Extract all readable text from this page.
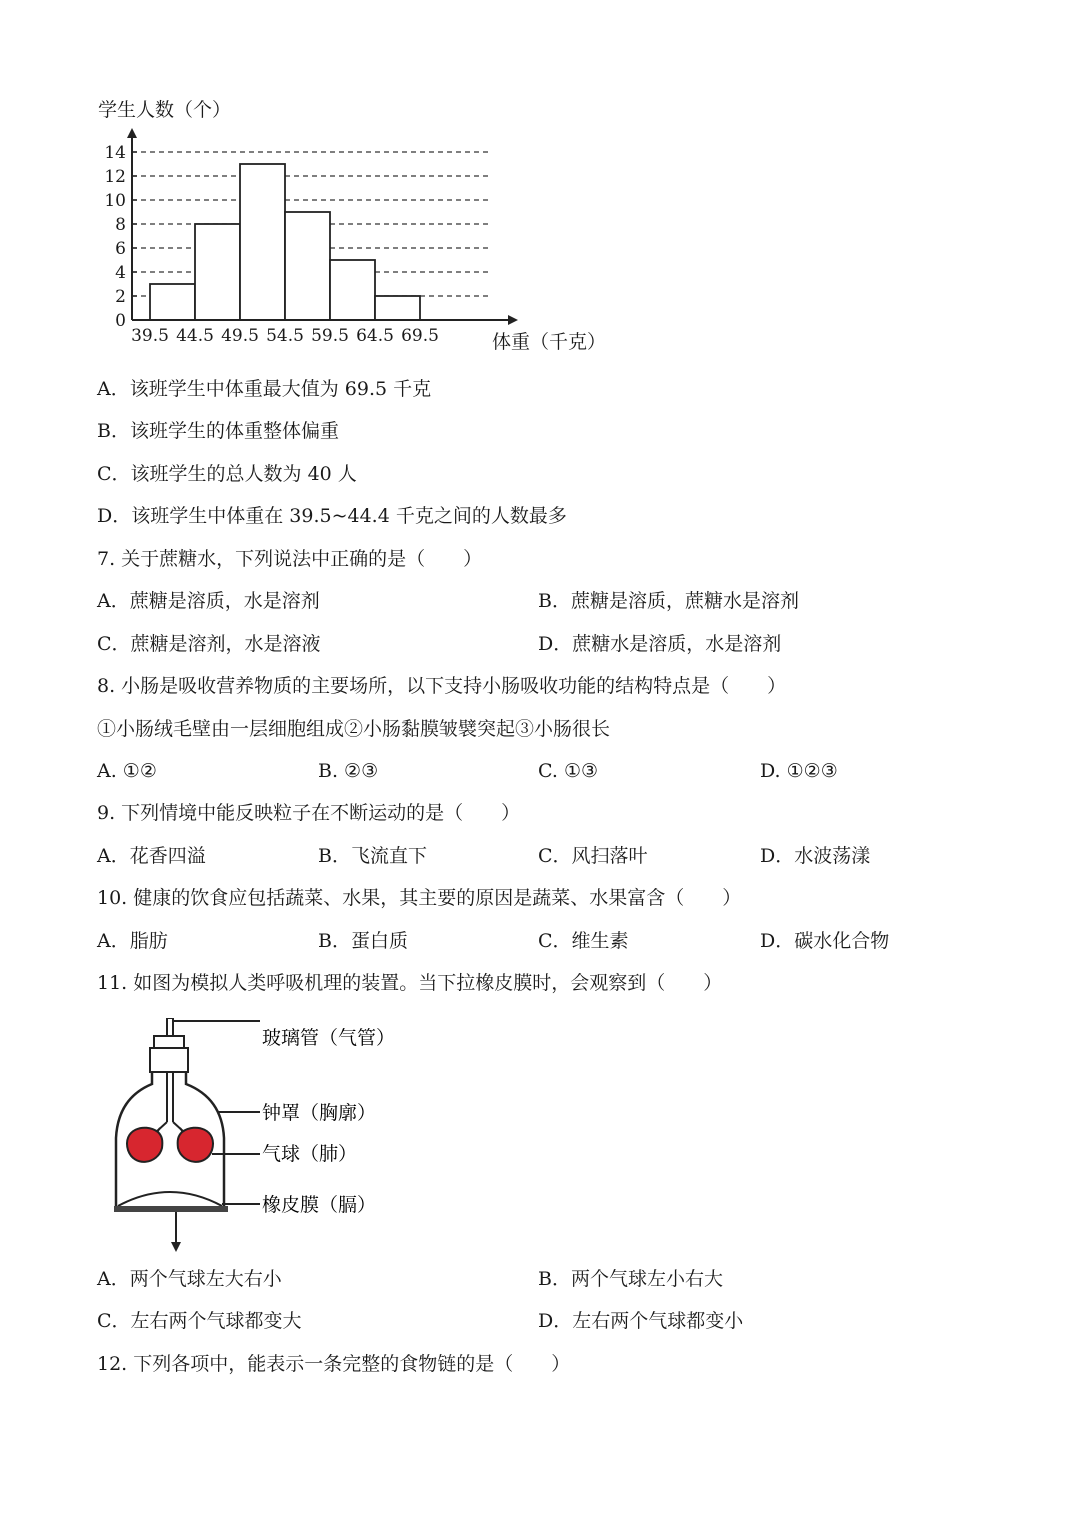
学生人数（个）
0
2
4
6
8
10
12
14
39.5 44.5 49.5 54.5 59.5 64.5 69.5	体重（千克）
A．该班学生中体重最大值为 69.5 千克
B．该班学生的体重整体偏重
C．该班学生的总人数为 40 人
D．该班学生中体重在 39.5~44.4 千克之间的人数最多
7. 关于蔗糖水，下列说法中正确的是（　　）
A．蔗糖是溶质，水是溶剂	B．蔗糖是溶质，蔗糖水是溶剂
C．蔗糖是溶剂，水是溶液	D．蔗糖水是溶质，水是溶剂
8. 小肠是吸收营养物质的主要场所，以下支持小肠吸收功能的结构特点是（　　）
①小肠绒毛壁由一层细胞组成②小肠黏膜皱襞突起③小肠很长
A. ①②	B. ②③	C. ①③	D. ①②③
9. 下列情境中能反映粒子在不断运动的是（　　）
A．花香四溢	B．飞流直下	C．风扫落叶	D．水波荡漾
10. 健康的饮食应包括蔬菜、水果，其主要的原因是蔬菜、水果富含（　　）
A．脂肪	B．蛋白质	C．维生素	D．碳水化合物
11. 如图为模拟人类呼吸机理的装置。当下拉橡皮膜时，会观察到（　　）
玻璃管（气管）
钟罩（胸廓）
气球（肺）
橡皮膜（膈）
A．两个气球左大右小	B．两个气球左小右大
C．左右两个气球都变大	D．左右两个气球都变小
12. 下列各项中，能表示一条完整的食物链的是（　　）
